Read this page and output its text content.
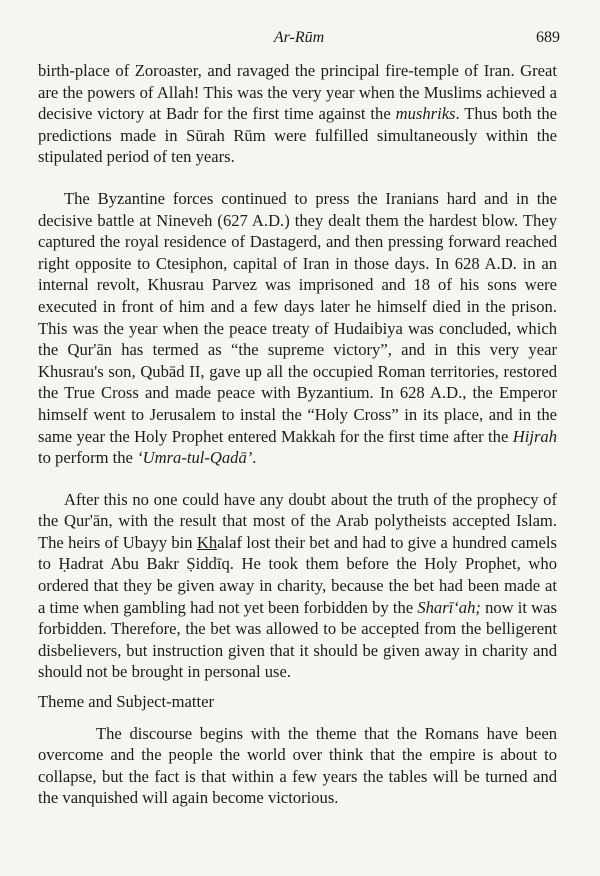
Ar-Rūm	689

birth-place of Zoroaster, and ravaged the principal fire-temple of Iran. Great are the powers of Allah! This was the very year when the Muslims achieved a decisive victory at Badr for the first time against the mushriks. Thus both the predictions made in Sūrah Rūm were fulfilled simultaneously within the stipulated period of ten years.

The Byzantine forces continued to press the Iranians hard and in the decisive battle at Nineveh (627 A.D.) they dealt them the hardest blow. They captured the royal residence of Dastagerd, and then pressing forward reached right opposite to Ctesiphon, capital of Iran in those days. In 628 A.D. in an internal revolt, Khusrau Parvez was imprisoned and 18 of his sons were executed in front of him and a few days later he himself died in the prison. This was the year when the peace treaty of Hudaibiya was concluded, which the Qur'ān has termed as “the supreme victory”, and in this very year Khusrau's son, Qubād II, gave up all the occupied Roman territories, restored the True Cross and made peace with Byzantium. In 628 A.D., the Emperor himself went to Jerusalem to instal the “Holy Cross” in its place, and in the same year the Holy Prophet entered Makkah for the first time after the Hijrah to perform the ‘Umra-tul-Qadā’.

After this no one could have any doubt about the truth of the prophecy of the Qur'ān, with the result that most of the Arab polytheists accepted Islam. The heirs of Ubayy bin Khalaf lost their bet and had to give a hundred camels to Ḥadrat Abu Bakr Ṣiddīq. He took them before the Holy Prophet, who ordered that they be given away in charity, because the bet had been made at a time when gambling had not yet been forbidden by the Sharī‘ah; now it was forbidden. Therefore, the bet was allowed to be accepted from the belligerent disbelievers, but instruction given that it should be given away in charity and should not be brought in personal use.

Theme and Subject-matter

The discourse begins with the theme that the Romans have been overcome and the people the world over think that the empire is about to collapse, but the fact is that within a few years the tables will be turned and the vanquished will again become victorious.
